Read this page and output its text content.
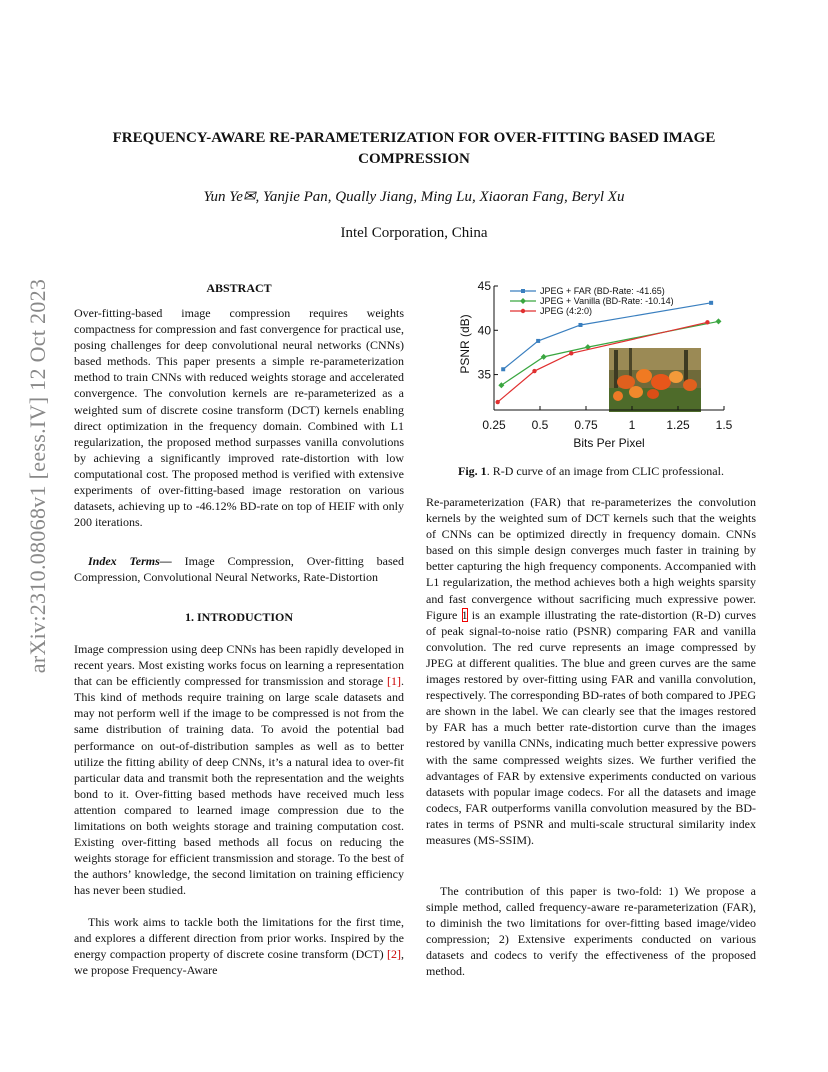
arXiv:2310.08068v1 [eess.IV] 12 Oct 2023
FREQUENCY-AWARE RE-PARAMETERIZATION FOR OVER-FITTING BASED IMAGE
COMPRESSION
Yun Ye✉, Yanjie Pan, Qually Jiang, Ming Lu, Xiaoran Fang, Beryl Xu
Intel Corporation, China
ABSTRACT
Over-fitting-based image compression requires weights compactness for compression and fast convergence for practical use, posing challenges for deep convolutional neural networks (CNNs) based methods. This paper presents a simple re-parameterization method to train CNNs with reduced weights storage and accelerated convergence. The convolution kernels are re-parameterized as a weighted sum of discrete cosine transform (DCT) kernels enabling direct optimization in the frequency domain. Combined with L1 regularization, the proposed method surpasses vanilla convolutions by achieving a significantly improved rate-distortion with low computational cost. The proposed method is verified with extensive experiments of over-fitting-based image restoration on various datasets, achieving up to -46.12% BD-rate on top of HEIF with only 200 iterations.
Index Terms— Image Compression, Over-fitting based Compression, Convolutional Neural Networks, Rate-Distortion
1. INTRODUCTION
Image compression using deep CNNs has been rapidly developed in recent years. Most existing works focus on learning a representation that can be efficiently compressed for transmission and storage [1]. This kind of methods require training on large scale datasets and may not perform well if the image to be compressed is not from the same distribution of training data. To avoid the potential bad performance on out-of-distribution samples as well as to better utilize the fitting ability of deep CNNs, it’s a natural idea to over-fit particular data and transmit both the representation and the weights bond to it. Over-fitting based methods have received much less attention compared to learned image compression due to the limitations on both weights storage and training computation cost. Existing over-fitting based methods all focus on reducing the weights storage for efficient transmission and storage. To the best of the authors’ knowledge, the second limitation on training efficiency has never been studied.
This work aims to tackle both the limitations for the first time, and explores a different direction from prior works. Inspired by the energy compaction property of discrete cosine transform (DCT) [2], we propose Frequency-Aware
0.25 0.5 0.75	1	1.25 1.5
35
40
45
Bits Per Pixel
PSNR (dB)
JPEG + FAR (BD-Rate: -41.65)
JPEG + Vanilla (BD-Rate: -10.14)
JPEG (4:2:0)
Fig. 1. R-D curve of an image from CLIC professional.
Re-parameterization (FAR) that re-parameterizes the convolution kernels by the weighted sum of DCT kernels such that the weights of CNNs can be optimized directly in frequency domain. CNNs based on this simple design converges much faster in training by better capturing the high frequency components. Accompanied with L1 regularization, the method achieves both a high weights sparsity and fast convergence without sacrificing much expressive power. Figure 1 is an example illustrating the rate-distortion (R-D) curves of peak signal-to-noise ratio (PSNR) comparing FAR and vanilla convolution. The red curve represents an image compressed by JPEG at different qualities. The blue and green curves are the same images restored by over-fitting using FAR and vanilla convolution, respectively. The corresponding BD-rates of both compared to JPEG are shown in the label. We can clearly see that the images restored by FAR has a much better rate-distortion curve than the images restored by vanilla CNNs, indicating much better expressive powers with the same compressed weights sizes. We further verified the advantages of FAR by extensive experiments conducted on various datasets with popular image codecs. For all the datasets and image codecs, FAR outperforms vanilla convolution measured by the BD-rates in terms of PSNR and multi-scale structural similarity index measures (MS-SSIM).
The contribution of this paper is two-fold: 1) We propose a simple method, called frequency-aware re-parameterization (FAR), to diminish the two limitations for over-fitting based image/video compression; 2) Extensive experiments conducted on various datasets and codecs to verify the effectiveness of the proposed method.
